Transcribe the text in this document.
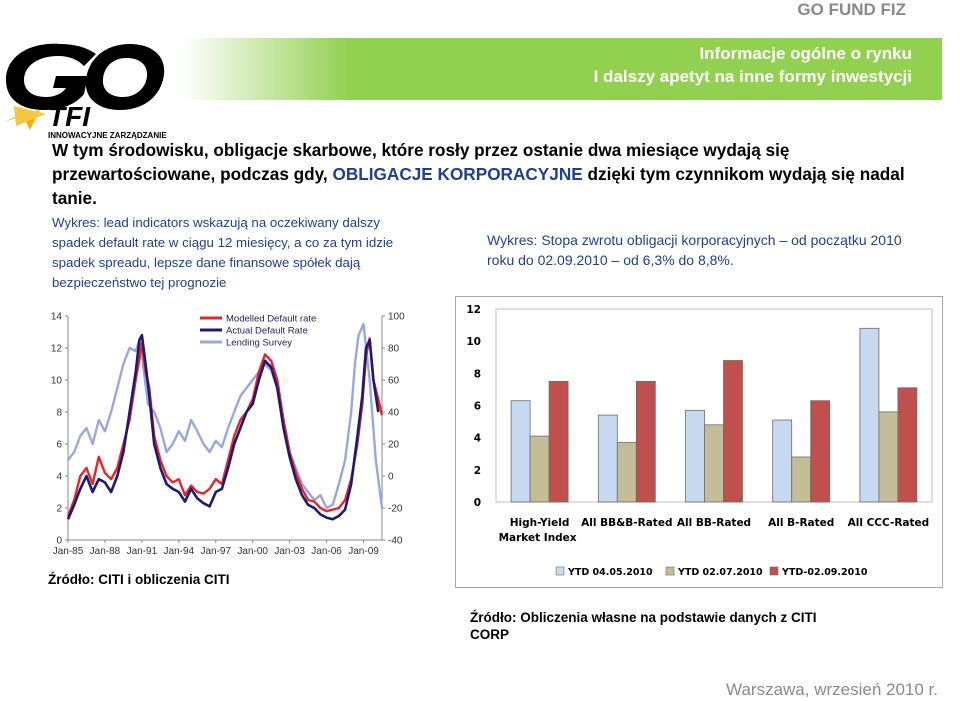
GO FUND FIZ
TFI
INNOWACYJNE ZARZĄDZANIE
Informacje ogólne o rynku
I dalszy apetyt na inne formy inwestycji
W tym środowisku, obligacje skarbowe, które rosły przez ostanie dwa miesiące wydają się przewartościowane, podczas gdy, OBLIGACJE KORPORACYJNE dzięki tym czynnikom wydają się nadal tanie.
Wykres: lead indicators wskazują na oczekiwany dalszy spadek default rate w ciągu 12 miesięcy, a co za tym idzie spadek spreadu, lepsze dane finansowe spółek dają bezpieczeństwo tej prognozie
Wykres: Stopa zwrotu obligacji korporacyjnych – od początku 2010 roku do 02.09.2010 – od 6,3% do 8,8%.
0
2
4
6
8
10
12
14
-40
-20
0
20
40
60
80
100
Jan-85 Jan-88 Jan-91 Jan-94 Jan-97 Jan-00 Jan-03 Jan-06 Jan-09
Modelled Default rate
Actual Default Rate
Lending Survey
0
2
4
6
8
10
12
High-Yield
Market Index
All BB&B-Rated All BB-Rated All B-Rated All CCC-Rated
YTD 04.05.2010	YTD 02.07.2010 YTD-02.09.2010
Źródło: CITI i obliczenia CITI
Źródło: Obliczenia własne na podstawie danych z CITI CORP
Warszawa, wrzesień 2010 r.
